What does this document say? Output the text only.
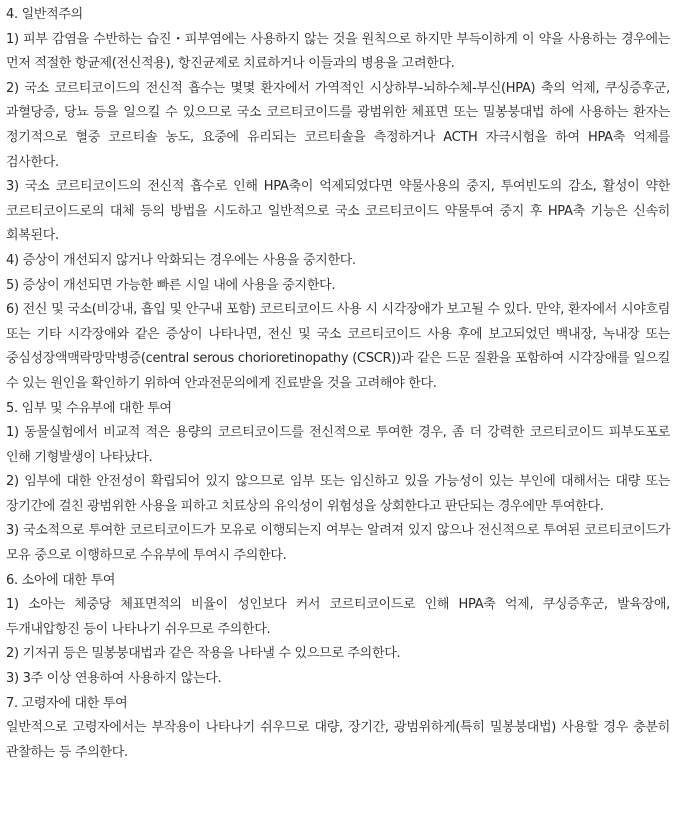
4. 일반적주의

1) 피부 감염을 수반하는 습진・피부염에는 사용하지 않는 것을 원칙으로 하지만 부득이하게 이 약을 사용하는 경우에는 먼저 적절한 항균제(전신적용), 항진균제로 치료하거나 이들과의 병용을 고려한다.

2) 국소 코르티코이드의 전신적 흡수는 몇몇 환자에서 가역적인 시상하부-뇌하수체-부신(HPA) 축의 억제, 쿠싱증후군, 과혈당증, 당뇨 등을 일으킬 수 있으므로 국소 코르티코이드를 광범위한 체표면 또는 밀봉붕대법 하에 사용하는 환자는 정기적으로 혈중 코르티솔 농도, 요중에 유리되는 코르티솔을 측정하거나 ACTH 자극시험을 하여 HPA축 억제를 검사한다.

3) 국소 코르티코이드의 전신적 흡수로 인해 HPA축이 억제되었다면 약물사용의 중지, 투여빈도의 감소, 활성이 약한 코르티코이드로의 대체 등의 방법을 시도하고 일반적으로 국소 코르티코이드 약물투여 중지 후 HPA축 기능은 신속히 회복된다.

4) 증상이 개선되지 않거나 악화되는 경우에는 사용을 중지한다.

5) 증상이 개선되면 가능한 빠른 시일 내에 사용을 중지한다.

6) 전신 및 국소(비강내, 흡입 및 안구내 포함) 코르티코이드 사용 시 시각장애가 보고될 수 있다. 만약, 환자에서 시야흐림 또는 기타 시각장애와 같은 증상이 나타나면, 전신 및 국소 코르티코이드 사용 후에 보고되었던 백내장, 녹내장 또는 중심성장액맥락망막병증(central serous chorioretinopathy (CSCR))과 같은 드문 질환을 포함하여 시각장애를 일으킬 수 있는 원인을 확인하기 위하여 안과전문의에게 진료받을 것을 고려해야 한다.

5. 임부 및 수유부에 대한 투여

1) 동물실험에서 비교적 적은 용량의 코르티코이드를 전신적으로 투여한 경우, 좀 더 강력한 코르티코이드 피부도포로 인해 기형발생이 나타났다.

2) 임부에 대한 안전성이 확립되어 있지 않으므로 임부 또는 임신하고 있을 가능성이 있는 부인에 대해서는 대량 또는 장기간에 걸친 광범위한 사용을 피하고 치료상의 유익성이 위험성을 상회한다고 판단되는 경우에만 투여한다.

3) 국소적으로 투여한 코르티코이드가 모유로 이행되는지 여부는 알려져 있지 않으나 전신적으로 투여된 코르티코이드가 모유 중으로 이행하므로 수유부에 투여시 주의한다.

6. 소아에 대한 투여

1) 소아는 체중당 체표면적의 비율이 성인보다 커서 코르티코이드로 인해 HPA축 억제, 쿠싱증후군, 발육장애, 두개내압항진 등이 나타나기 쉬우므로 주의한다.

2) 기저귀 등은 밀봉붕대법과 같은 작용을 나타낼 수 있으므로 주의한다.

3) 3주 이상 연용하여 사용하지 않는다.

7. 고령자에 대한 투여

일반적으로 고령자에서는 부작용이 나타나기 쉬우므로 대량, 장기간, 광범위하게(특히 밀봉붕대법) 사용할 경우 충분히 관찰하는 등 주의한다.
